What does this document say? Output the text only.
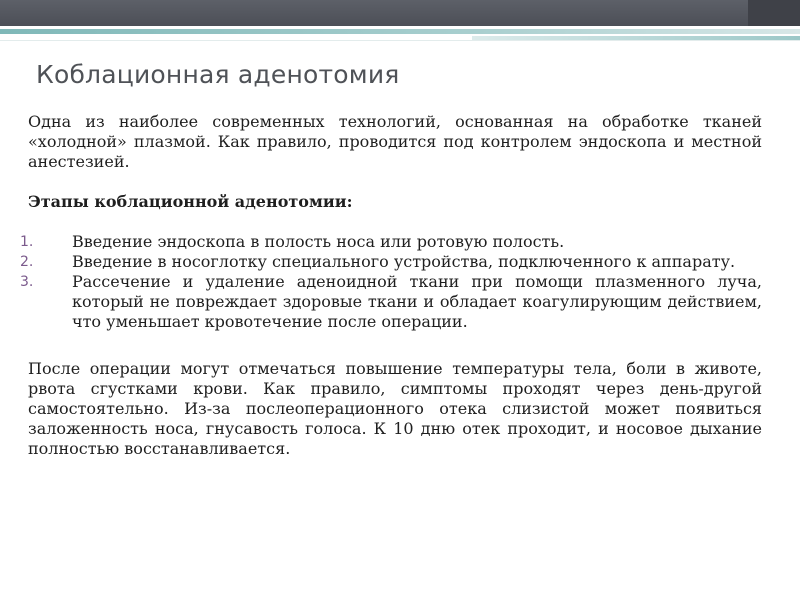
Коблационная аденотомия

Одна из наиболее современных технологий, основанная на обработке тканей «холодной» плазмой. Как правило, проводится под контролем эндоскопа и местной анестезией.

Этапы коблационной аденотомии:

1. Введение эндоскопа в полость носа или ротовую полость.

2. Введение в носоглотку специального устройства, подключенного к аппарату.

3. Рассечение и удаление аденоидной ткани при помощи плазменного луча, который не повреждает здоровые ткани и обладает коагулирующим действием, что уменьшает кровотечение после операции.

После операции могут отмечаться повышение температуры тела, боли в животе, рвота сгустками крови. Как правило, симптомы проходят через день-другой самостоятельно. Из-за послеоперационного отека слизистой может появиться заложенность носа, гнусавость голоса. К 10 дню отек проходит, и носовое дыхание полностью восстанавливается.
